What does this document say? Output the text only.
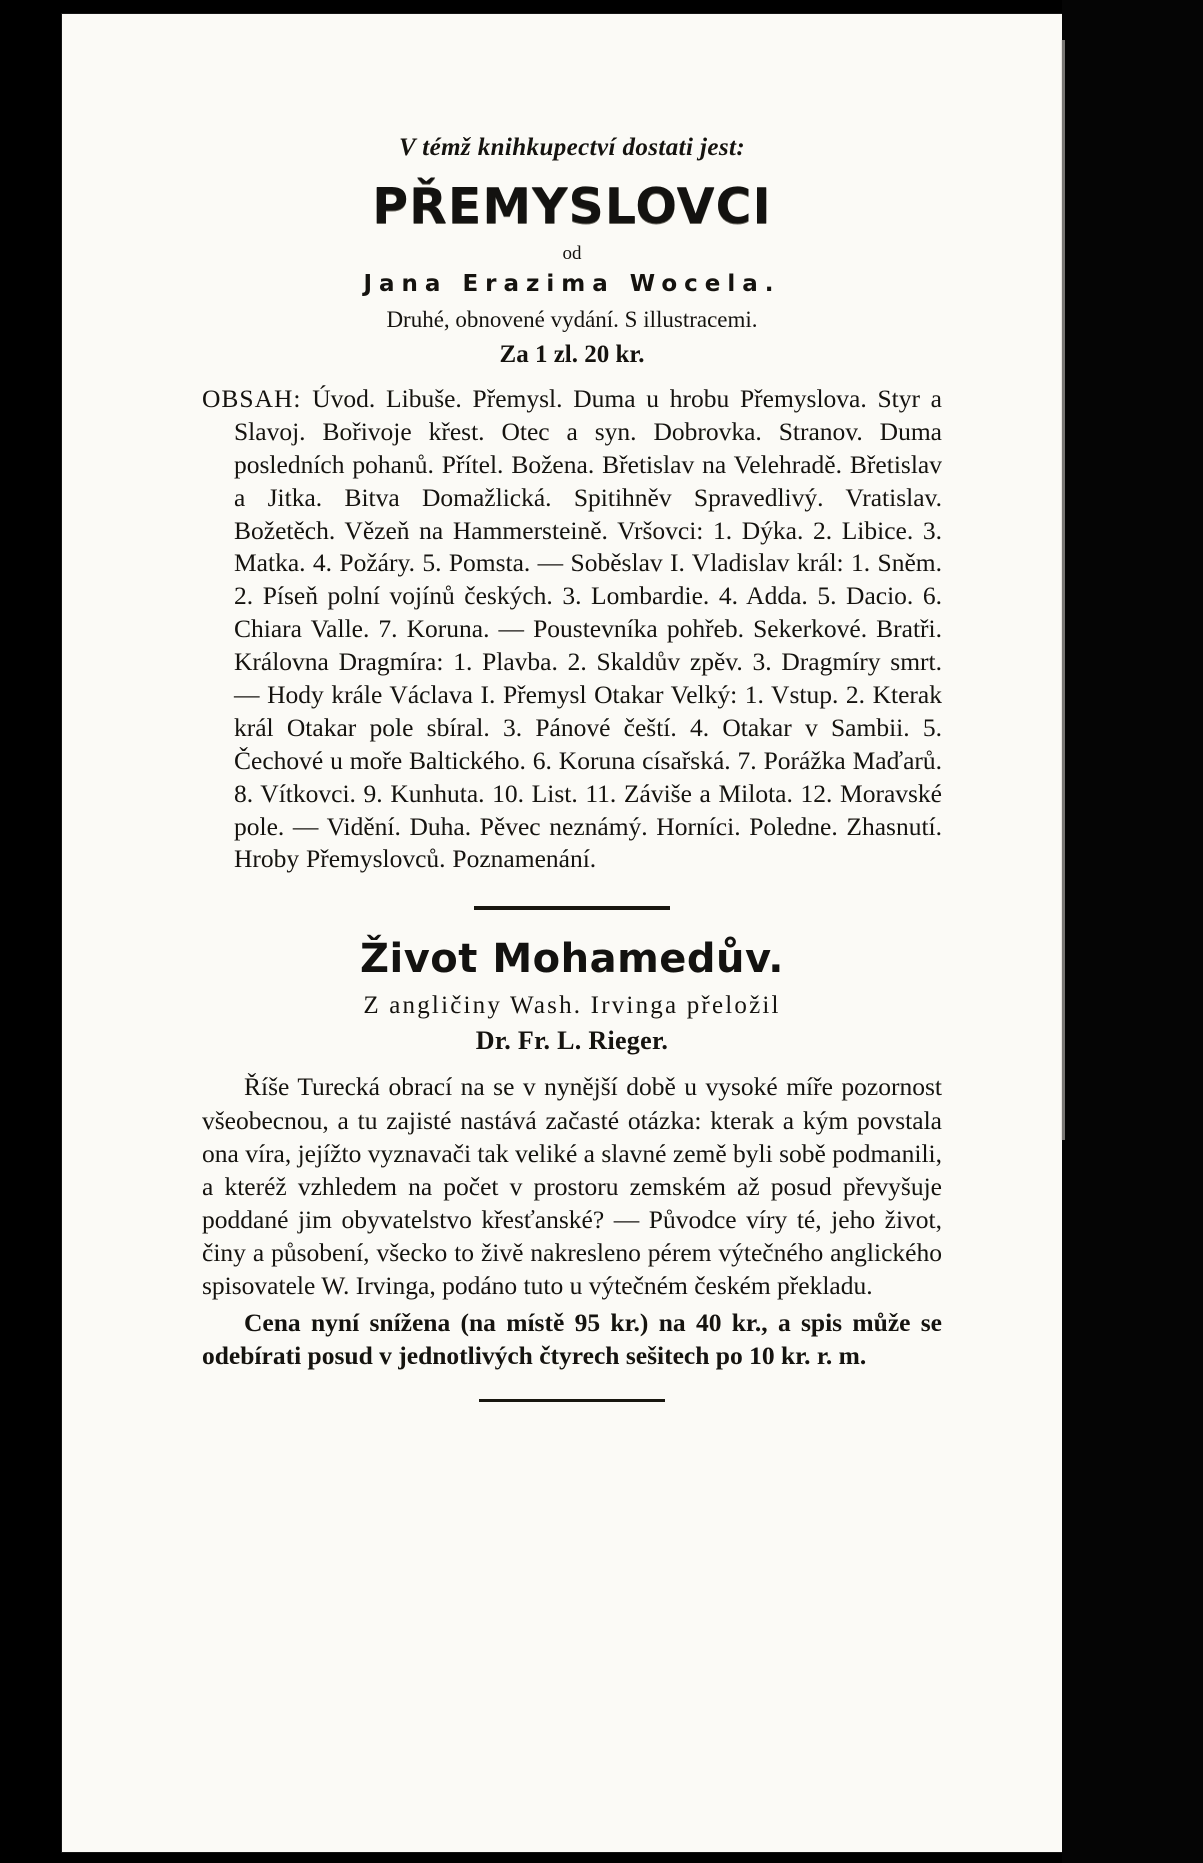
V témž knihkupectví dostati jest:

PŘEMYSLOVCI

od

Jana Erazima Wocela.

Druhé, obnovené vydání. S illustracemi.

Za 1 zl. 20 kr.

OBSAH: Úvod. Libuše. Přemysl. Duma u hrobu Přemyslova. Styr a Slavoj. Bořivoje křest. Otec a syn. Dobrovka. Stranov. Duma posledních pohanů. Přítel. Božena. Břetislav na Velehradě. Břetislav a Jitka. Bitva Domažlická. Spitihněv Spravedlivý. Vratislav. Božetěch. Vězeň na Hammersteině. Vršovci: 1. Dýka. 2. Libice. 3. Matka. 4. Požáry. 5. Pomsta. — Soběslav I. Vladislav král: 1. Sněm. 2. Píseň polní vojínů českých. 3. Lombardie. 4. Adda. 5. Dacio. 6. Chiara Valle. 7. Koruna. — Poustevníka pohřeb. Sekerkové. Bratři. Královna Dragmíra: 1. Plavba. 2. Skaldův zpěv. 3. Dragmíry smrt. — Hody krále Václava I. Přemysl Otakar Velký: 1. Vstup. 2. Kterak král Otakar pole sbíral. 3. Pánové čeští. 4. Otakar v Sambii. 5. Čechové u moře Baltického. 6. Koruna císařská. 7. Porážka Maďarů. 8. Vítkovci. 9. Kunhuta. 10. List. 11. Záviše a Milota. 12. Moravské pole. — Vidění. Duha. Pěvec neznámý. Horníci. Poledne. Zhasnutí. Hroby Přemyslovců. Poznamenání.

Život Mohamedův.

Z angličiny Wash. Irvinga přeložil

Dr. Fr. L. Rieger.

Říše Turecká obrací na se v nynější době u vysoké míře pozornost všeobecnou, a tu zajisté nastává začasté otázka: kterak a kým povstala ona víra, jejížto vyznavači tak veliké a slavné země byli sobě podmanili, a kteréž vzhledem na počet v prostoru zemském až posud převyšuje poddané jim obyvatelstvo křesťanské? — Původce víry té, jeho život, činy a působení, všecko to živě nakresleno pérem výtečného anglického spisovatele W. Irvinga, podáno tuto u výtečném českém překladu.

Cena nyní snížena (na místě 95 kr.) na 40 kr., a spis může se odebírati posud v jednotlivých čtyrech sešitech po 10 kr. r. m.
